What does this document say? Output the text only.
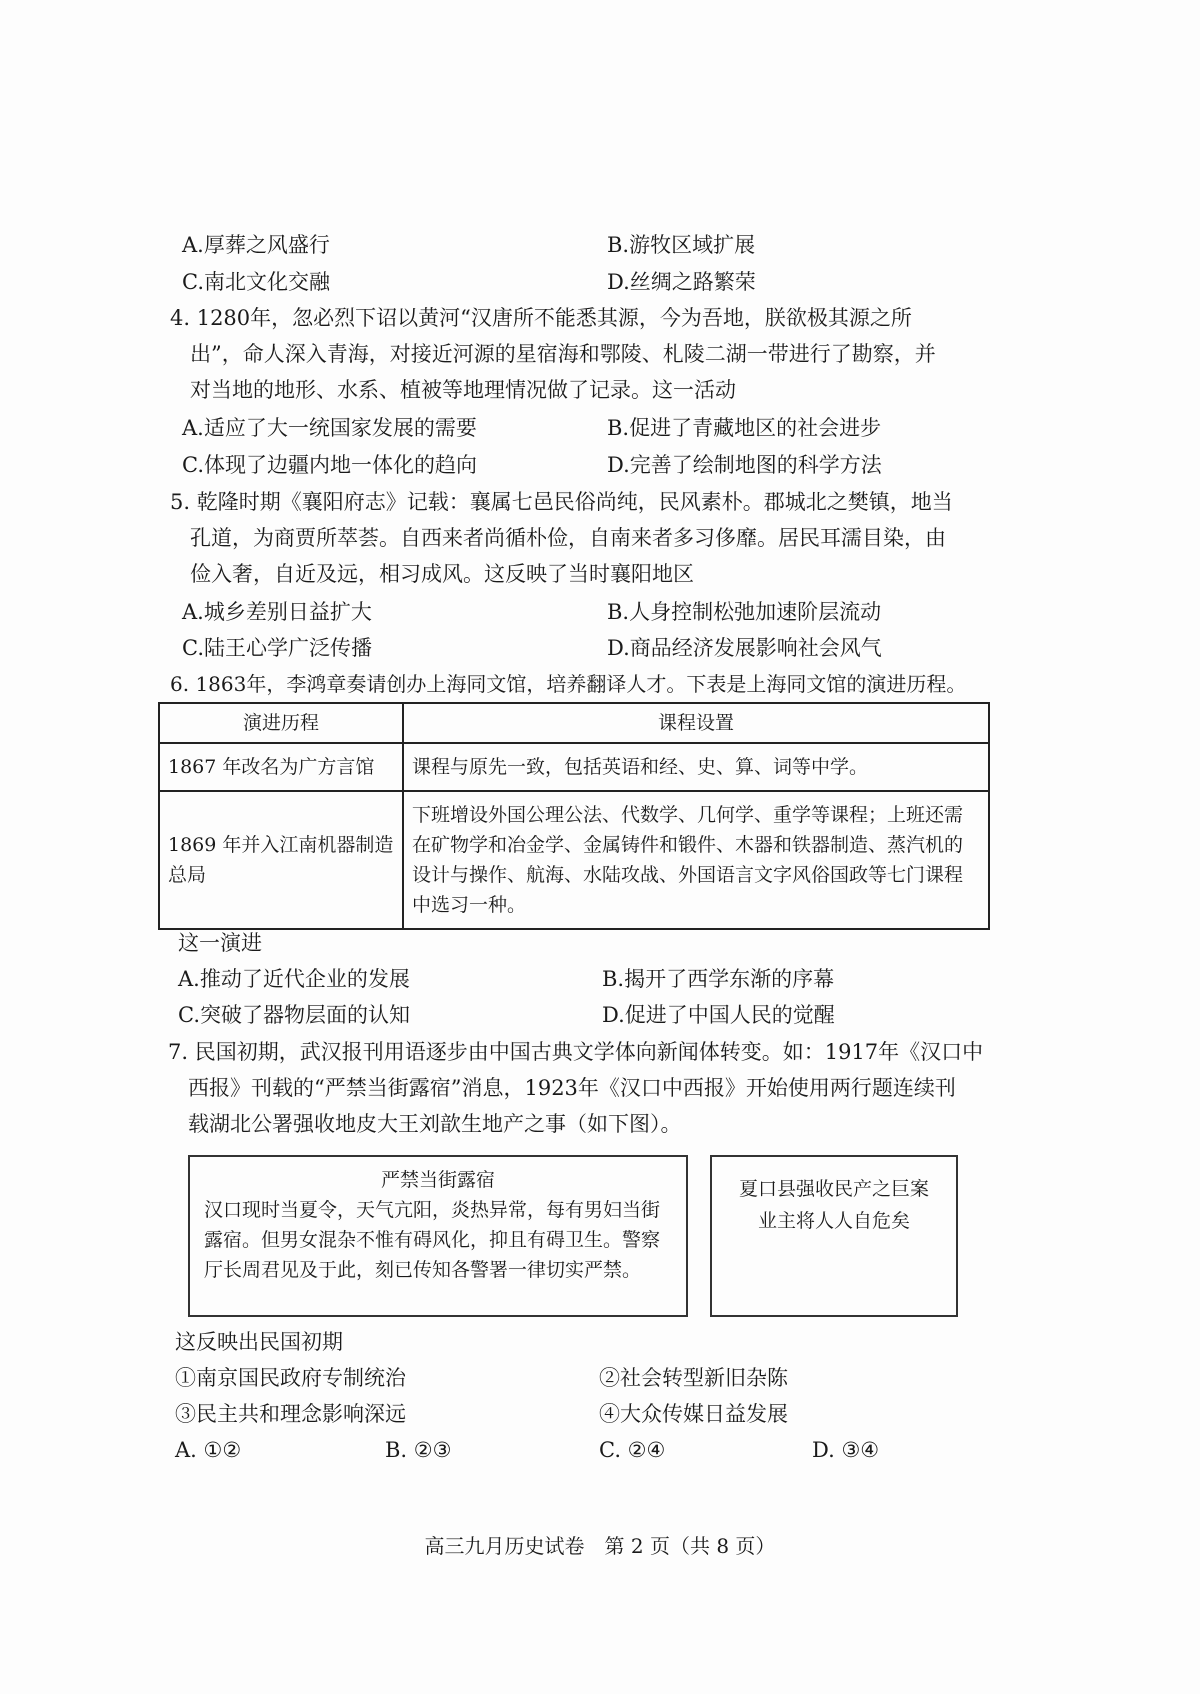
A.厚葬之风盛行	B.游牧区域扩展
C.南北文化交融	D.丝绸之路繁荣
4. 1280年，忽必烈下诏以黄河“汉唐所不能悉其源，今为吾地，朕欲极其源之所
出”，命人深入青海，对接近河源的星宿海和鄂陵、札陵二湖一带进行了勘察，并
对当地的地形、水系、植被等地理情况做了记录。这一活动
A.适应了大一统国家发展的需要	B.促进了青藏地区的社会进步
C.体现了边疆内地一体化的趋向	D.完善了绘制地图的科学方法
5. 乾隆时期《襄阳府志》记载：襄属七邑民俗尚纯，民风素朴。郡城北之樊镇，地当
孔道，为商贾所萃荟。自西来者尚循朴俭，自南来者多习侈靡。居民耳濡目染，由
俭入奢，自近及远，相习成风。这反映了当时襄阳地区
A.城乡差别日益扩大	B.人身控制松弛加速阶层流动
C.陆王心学广泛传播	D.商品经济发展影响社会风气
6. 1863年，李鸿章奏请创办上海同文馆，培养翻译人才。下表是上海同文馆的演进历程。
演进历程	课程设置
1867 年改名为广方言馆	课程与原先一致，包括英语和经、史、算、词等中学。
1869 年并入江南机器制造总局	下班增设外国公理公法、代数学、几何学、重学等课程；上班还需在矿物学和冶金学、金属铸件和锻件、木器和铁器制造、蒸汽机的设计与操作、航海、水陆攻战、外国语言文字风俗国政等七门课程中选习一种。
这一演进
A.推动了近代企业的发展	B.揭开了西学东渐的序幕
C.突破了器物层面的认知	D.促进了中国人民的觉醒
7. 民国初期，武汉报刊用语逐步由中国古典文学体向新闻体转变。如：1917年《汉口中
西报》刊载的“严禁当街露宿”消息，1923年《汉口中西报》开始使用两行题连续刊
载湖北公署强收地皮大王刘歆生地产之事（如下图）。
严禁当街露宿
汉口现时当夏令，天气亢阳，炎热异常，每有男妇当街露宿。但男女混杂不惟有碍风化，抑且有碍卫生。警察厅长周君见及于此，刻已传知各警署一律切实严禁。
夏口县强收民产之巨案
业主将人人自危矣
这反映出民国初期
①南京国民政府专制统治	②社会转型新旧杂陈
③民主共和理念影响深远	④大众传媒日益发展
A. ①②	B. ②③	C. ②④	D. ③④
高三九月历史试卷　第 2 页（共 8 页）
